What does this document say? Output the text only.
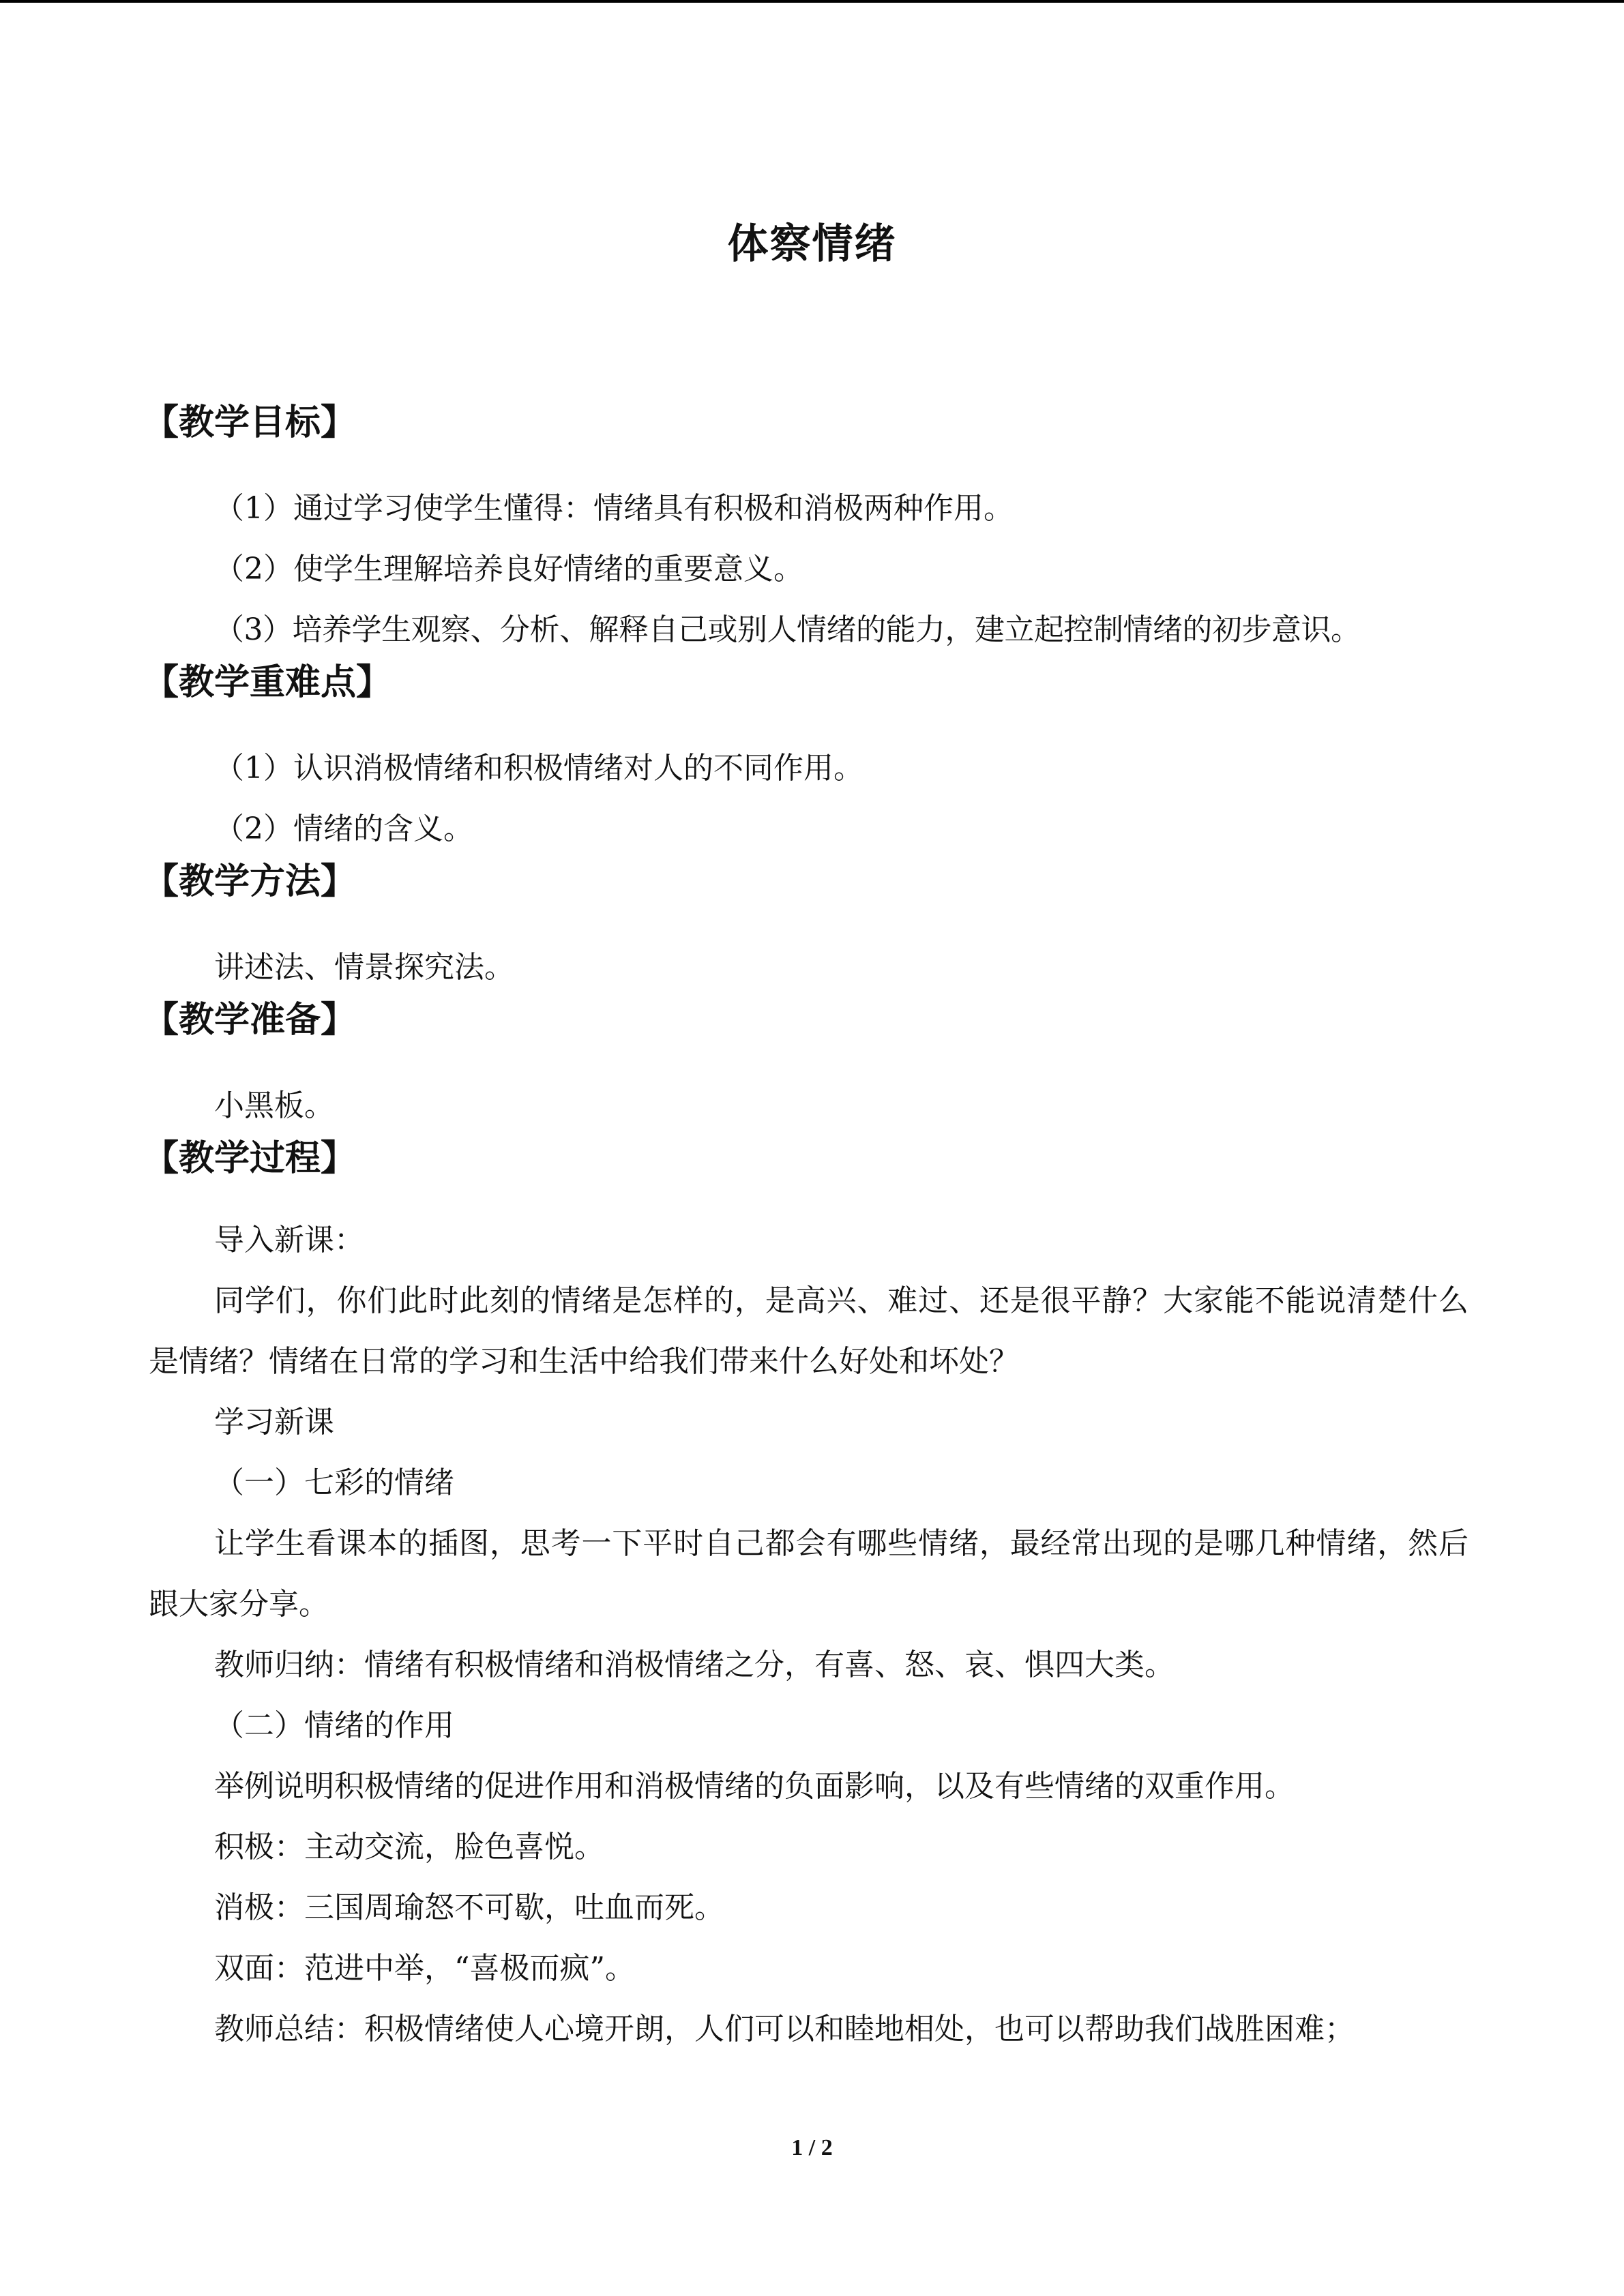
体察情绪

【教学目标】

（1）通过学习使学生懂得：情绪具有积极和消极两种作用。

（2）使学生理解培养良好情绪的重要意义。

（3）培养学生观察、分析、解释自己或别人情绪的能力，建立起控制情绪的初步意识。

【教学重难点】

（1）认识消极情绪和积极情绪对人的不同作用。

（2）情绪的含义。

【教学方法】

讲述法、情景探究法。

【教学准备】

小黑板。

【教学过程】

导入新课：

同学们，你们此时此刻的情绪是怎样的，是高兴、难过、还是很平静？大家能不能说清楚什么是情绪？情绪在日常的学习和生活中给我们带来什么好处和坏处？

学习新课

（一）七彩的情绪

让学生看课本的插图，思考一下平时自己都会有哪些情绪，最经常出现的是哪几种情绪，然后跟大家分享。

教师归纳：情绪有积极情绪和消极情绪之分，有喜、怒、哀、惧四大类。

（二）情绪的作用

举例说明积极情绪的促进作用和消极情绪的负面影响，以及有些情绪的双重作用。

积极：主动交流，脸色喜悦。

消极：三国周瑜怒不可歇，吐血而死。

双面：范进中举，“喜极而疯”。

教师总结：积极情绪使人心境开朗，人们可以和睦地相处，也可以帮助我们战胜困难；

1 / 2
